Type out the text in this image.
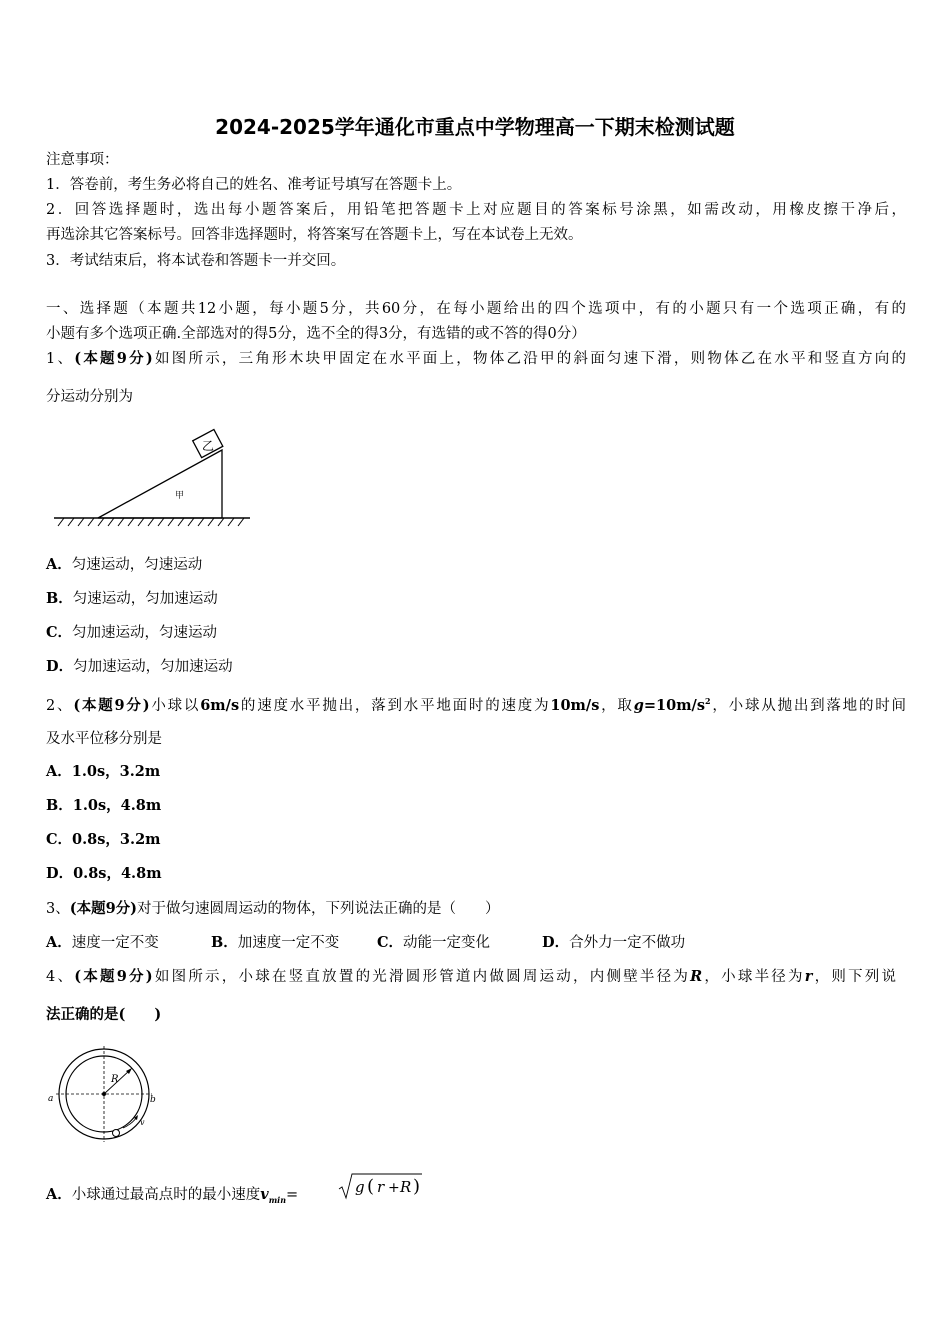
2024-2025学年通化市重点中学物理高一下期末检测试题
注意事项：
1．答卷前，考生务必将自己的姓名、准考证号填写在答题卡上。
2．回答选择题时，选出每小题答案后，用铅笔把答题卡上对应题目的答案标号涂黑，如需改动，用橡皮擦干净后，
再选涂其它答案标号。回答非选择题时，将答案写在答题卡上，写在本试卷上无效。
3．考试结束后，将本试卷和答题卡一并交回。
一、选择题（本题共12小题，每小题5分，共60分，在每小题给出的四个选项中，有的小题只有一个选项正确，有的
小题有多个选项正确.全部选对的得5分，选不全的得3分，有选错的或不答的得0分）
1、(本题9分)如图所示，三角形木块甲固定在水平面上，物体乙沿甲的斜面匀速下滑，则物体乙在水平和竖直方向的
分运动分别为
乙
甲
A．匀速运动，匀速运动
B．匀速运动，匀加速运动
C．匀加速运动，匀速运动
D．匀加速运动，匀加速运动
2、(本题9分)小球以6m/s的速度水平抛出，落到水平地面时的速度为10m/s，取$g=10m/s^2$，小球从抛出到落地的时间
及水平位移分别是
A．1.0s，3.2m
B．1.0s，4.8m
C．0.8s，3.2m
D．0.8s，4.8m
3、(本题9分)对于做匀速圆周运动的物体，下列说法正确的是（　　）
A．速度一定不变	B．加速度一定不变	C．动能一定变化	D．合外力一定不做功
4、(本题9分)如图所示，小球在竖直放置的光滑圆形管道内做圆周运动，内侧壁半径为R，小球半径为r，则下列说
法正确的是(　　)
R
a	b
v
A．小球通过最高点时的最小速度$v_{min}=$	g ( r + R )
